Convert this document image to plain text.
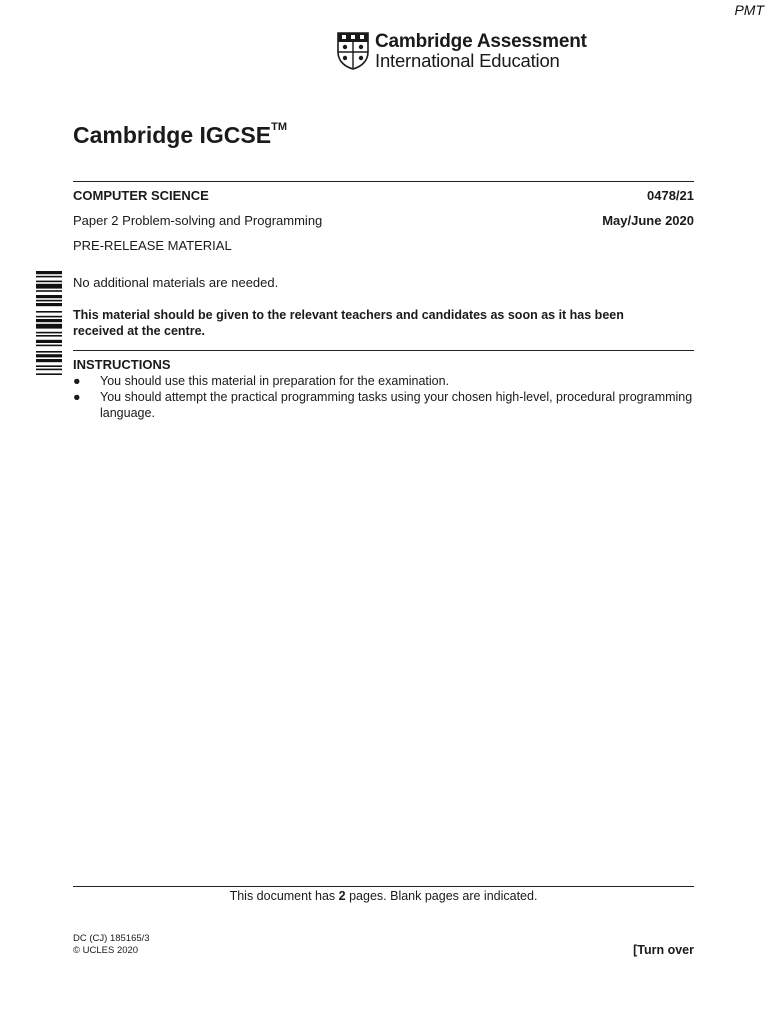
PMT
Cambridge Assessment
International Education
Cambridge IGCSE™
COMPUTER SCIENCE	0478/21
Paper 2 Problem-solving and Programming	May/June 2020
PRE-RELEASE MATERIAL
No additional materials are needed.
This material should be given to the relevant teachers and candidates as soon as it has been received at the centre.
INSTRUCTIONS
●	You should use this material in preparation for the examination.
●	You should attempt the practical programming tasks using your chosen high-level, procedural programming language.
This document has 2 pages. Blank pages are indicated.
DC (CJ) 185165/3
© UCLES 2020	[Turn over
